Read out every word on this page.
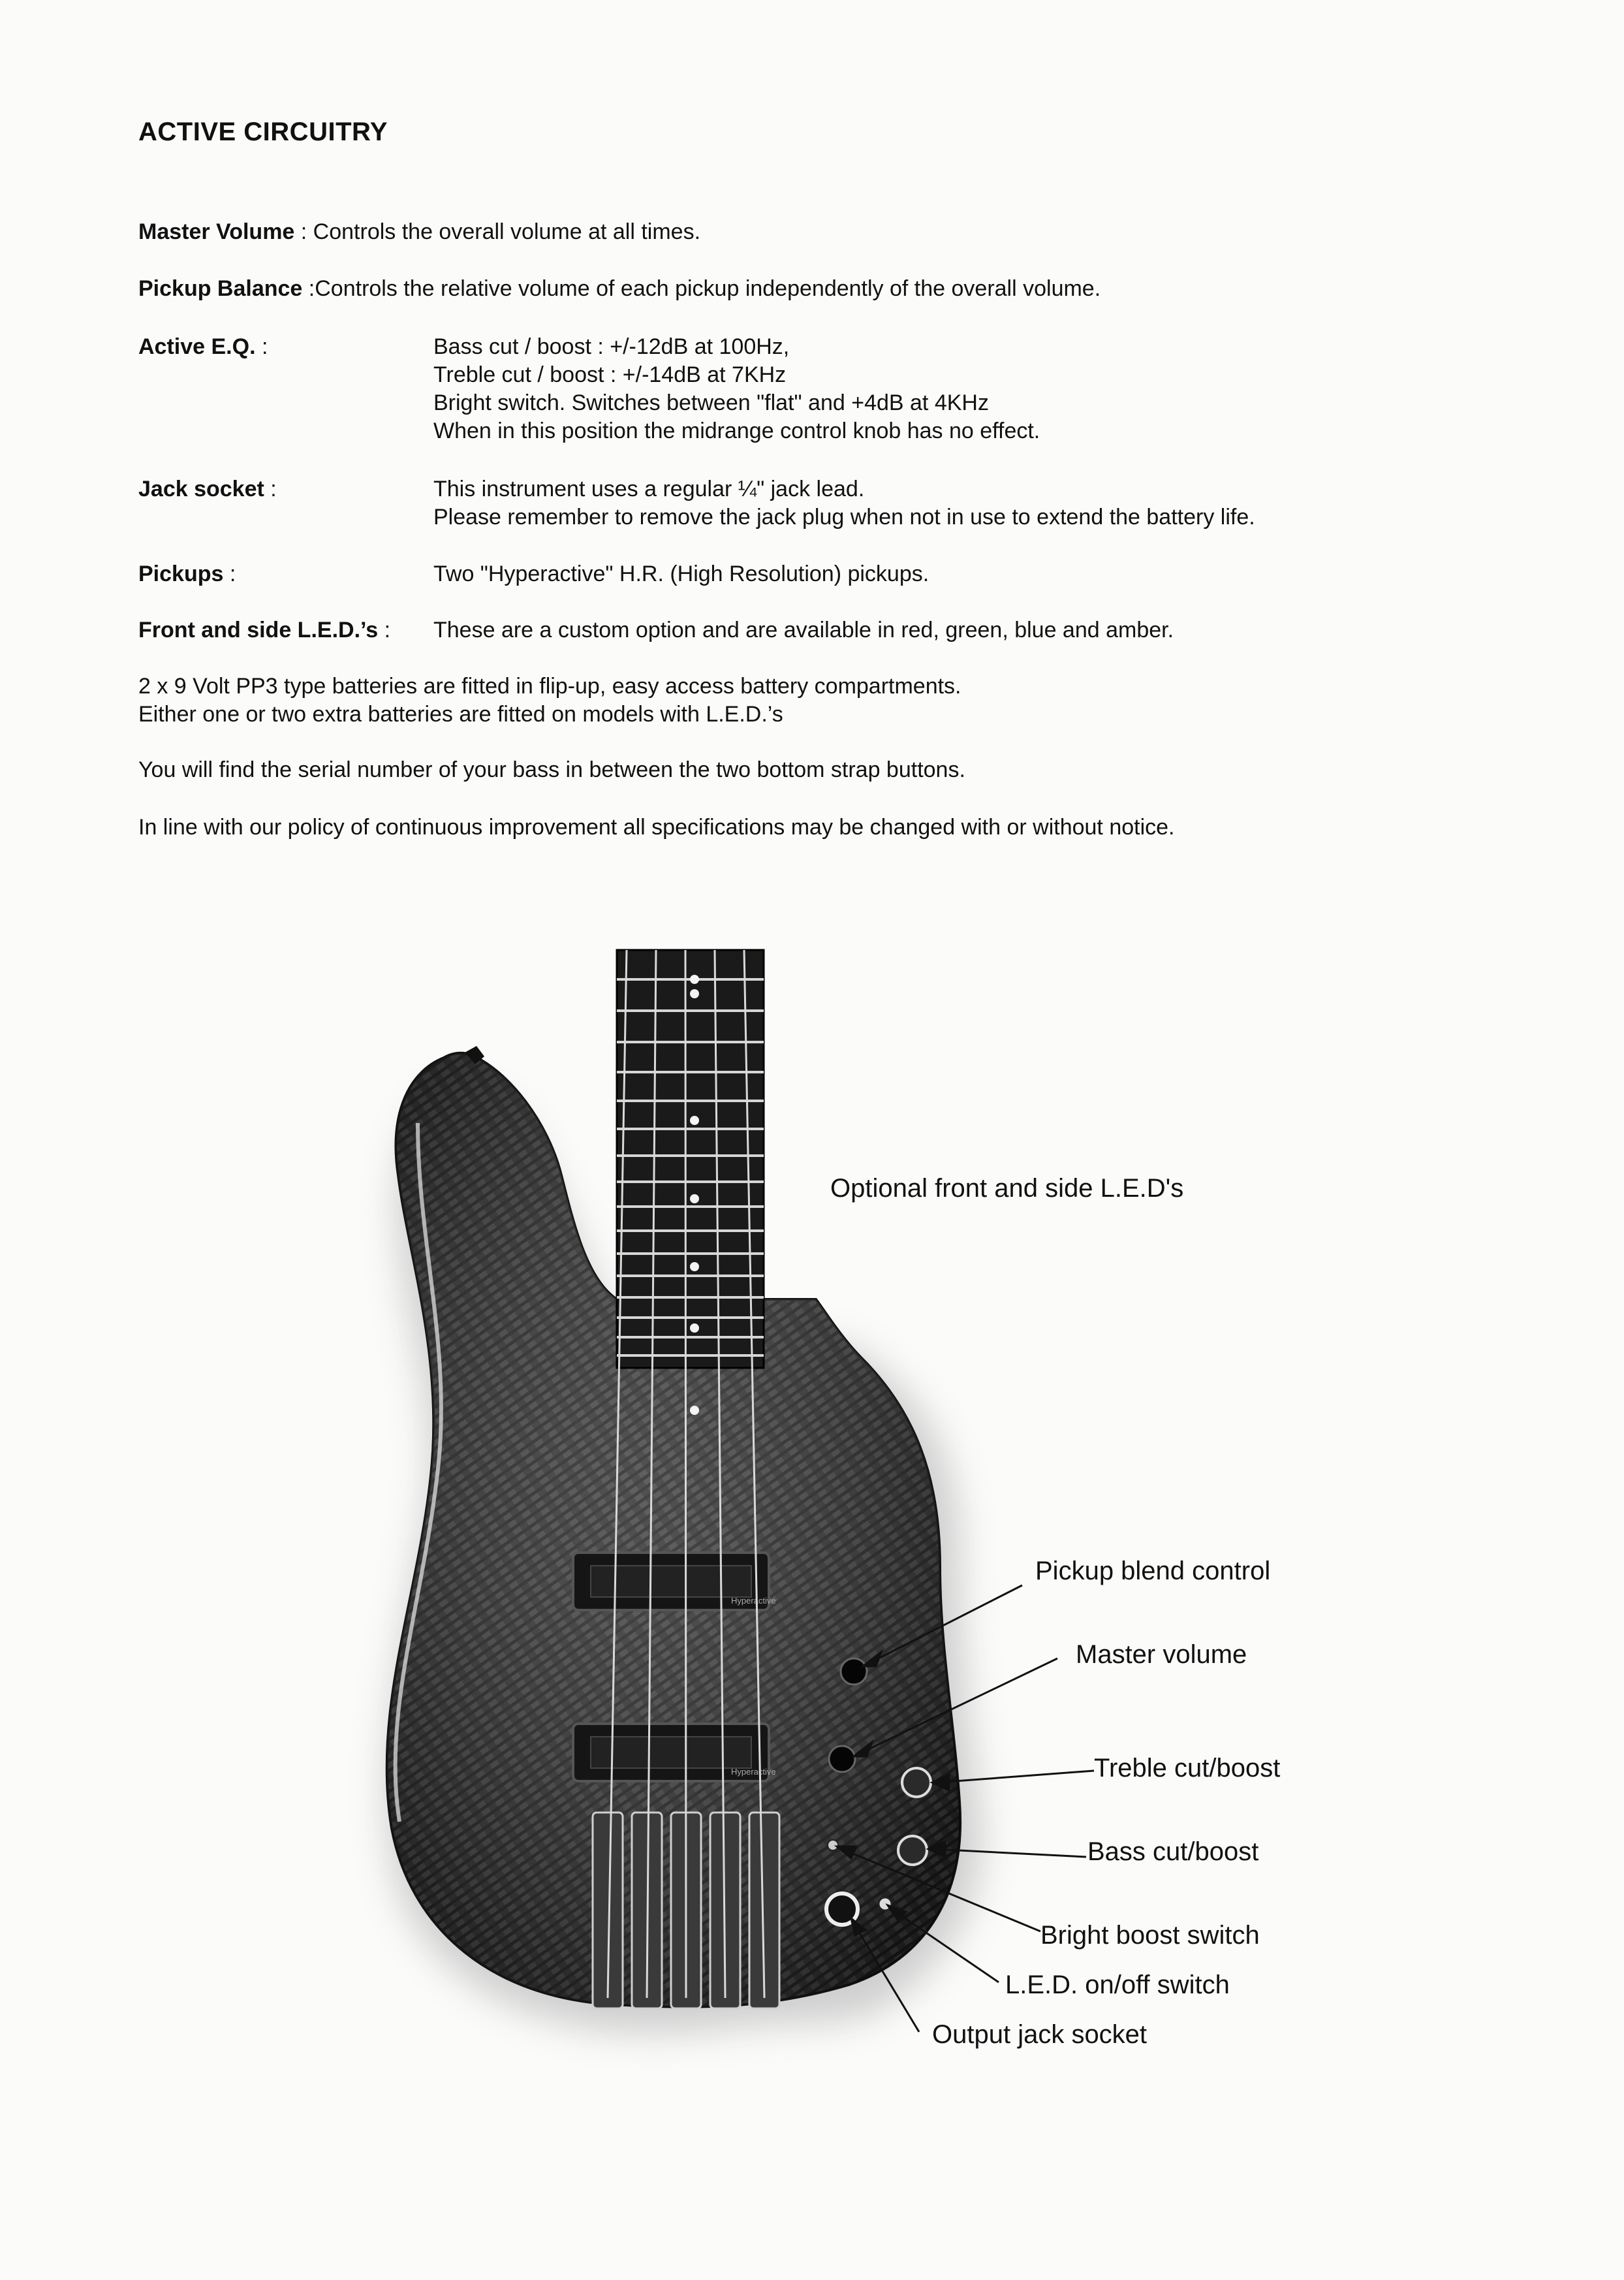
ACTIVE CIRCUITRY
Master Volume : Controls the overall volume at all times.
Pickup Balance :Controls the relative volume of each pickup independently of the overall volume.
Active E.Q. :	Bass cut / boost : +/-12dB at 100Hz,
Treble cut / boost : +/-14dB at 7KHz
Bright switch. Switches between "flat" and +4dB at 4KHz
When in this position the midrange control knob has no effect.
Jack socket :	This instrument uses a regular ¼" jack lead.
Please remember to remove the jack plug when not in use to extend the battery life.
Pickups :	Two "Hyperactive" H.R. (High Resolution) pickups.
Front and side L.E.D.’s : These are a custom option and are available in red, green, blue and amber.
2 x 9 Volt PP3 type batteries are fitted in flip-up, easy access battery compartments.
Either one or two extra batteries are fitted on models with L.E.D.’s
You will find the serial number of your bass in between the two bottom strap buttons.
In line with our policy of continuous improvement all specifications may be changed with or without notice.
Hyperactive
Hyperactive
Optional front and side L.E.D's
Pickup blend control
Master volume
Treble cut/boost
Bass cut/boost
Bright boost switch
L.E.D. on/off switch
Output jack socket
